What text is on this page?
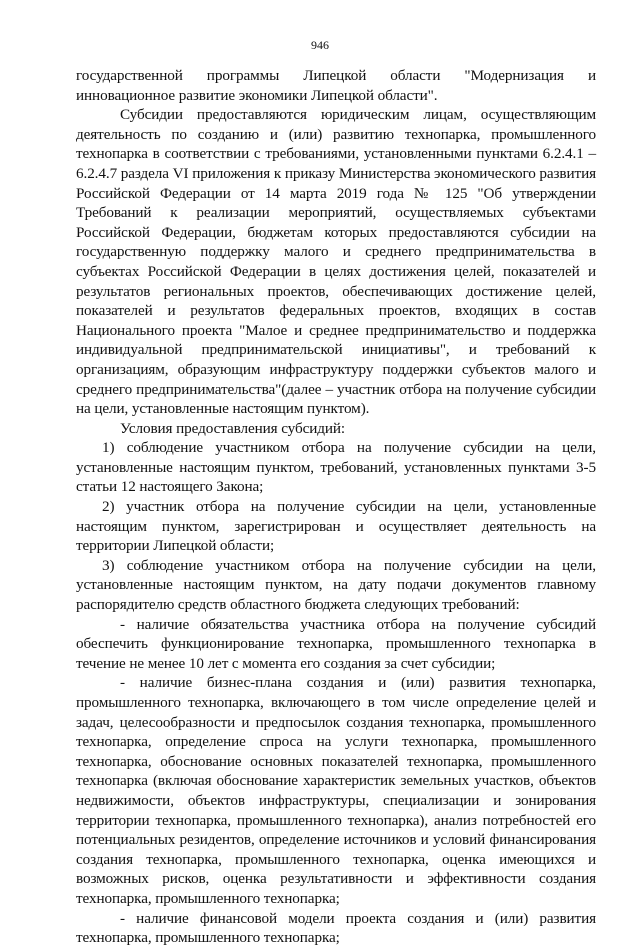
946

государственной программы Липецкой области "Модернизация и инновационное развитие экономики Липецкой области".

Субсидии предоставляются юридическим лицам, осуществляющим деятельность по созданию и (или) развитию технопарка, промышленного технопарка в соответствии с требованиями, установленными пунктами 6.2.4.1 – 6.2.4.7 раздела VI приложения к приказу Министерства экономического развития Российской Федерации от 14 марта 2019 года № 125 "Об утверждении Требований к реализации мероприятий, осуществляемых субъектами Российской Федерации, бюджетам которых предоставляются субсидии на государственную поддержку малого и среднего предпринимательства в субъектах Российской Федерации в целях достижения целей, показателей и результатов региональных проектов, обеспечивающих достижение целей, показателей и результатов федеральных проектов, входящих в состав Национального проекта "Малое и среднее предпринимательство и поддержка индивидуальной предпринимательской инициативы", и требований к организациям, образующим инфраструктуру поддержки субъектов малого и среднего предпринимательства"(далее – участник отбора на получение субсидии на цели, установленные настоящим пунктом).

Условия предоставления субсидий:

1) соблюдение участником отбора на получение субсидии на цели, установленные настоящим пунктом, требований, установленных пунктами 3-5 статьи 12 настоящего Закона;

2) участник отбора на получение субсидии на цели, установленные настоящим пунктом, зарегистрирован и осуществляет деятельность на территории Липецкой области;

3) соблюдение участником отбора на получение субсидии на цели, установленные настоящим пунктом, на дату подачи документов главному распорядителю средств областного бюджета следующих требований:

- наличие обязательства участника отбора на получение субсидий обеспечить функционирование технопарка, промышленного технопарка в течение не менее 10 лет с момента его создания за счет субсидии;

- наличие бизнес-плана создания и (или) развития технопарка, промышленного технопарка, включающего в том числе определение целей и задач, целесообразности и предпосылок создания технопарка, промышленного технопарка, определение спроса на услуги технопарка, промышленного технопарка, обоснование основных показателей технопарка, промышленного технопарка (включая обоснование характеристик земельных участков, объектов недвижимости, объектов инфраструктуры, специализации и зонирования территории технопарка, промышленного технопарка), анализ потребностей его потенциальных резидентов, определение источников и условий финансирования создания технопарка, промышленного технопарка, оценка имеющихся и возможных рисков, оценка результативности и эффективности создания технопарка, промышленного технопарка;

- наличие финансовой модели проекта создания и (или) развития технопарка, промышленного технопарка;
